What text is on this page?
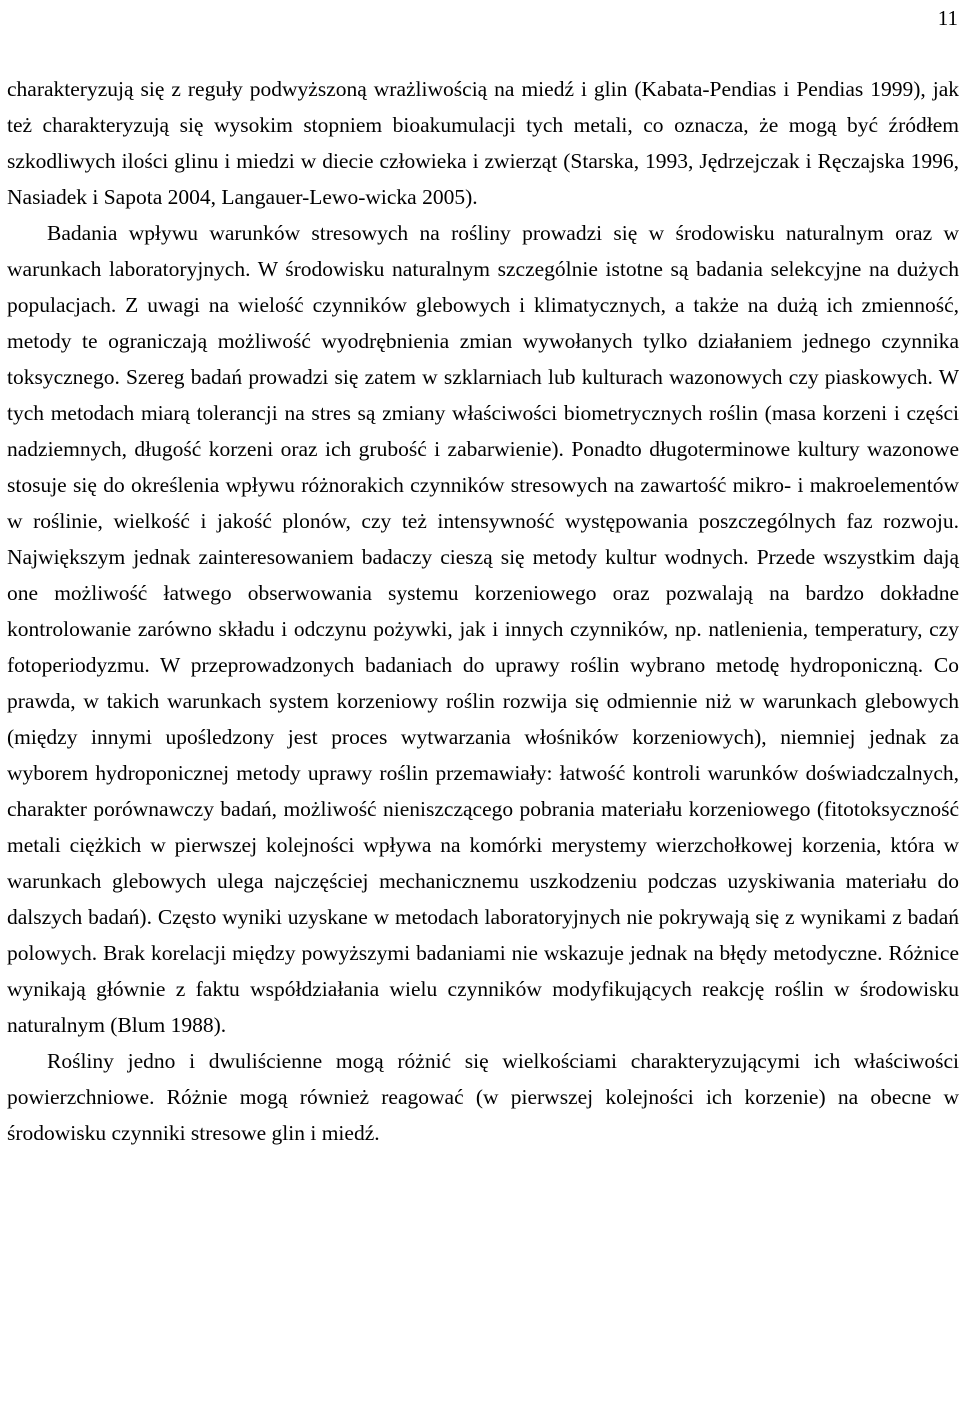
11

charakteryzują się z reguły podwyższoną wrażliwością na miedź i glin (Kabata-Pendias i Pendias 1999), jak też charakteryzują się wysokim stopniem bioakumulacji tych metali, co oznacza, że mogą być źródłem szkodliwych ilości glinu i miedzi w diecie człowieka i zwierząt (Starska, 1993, Jędrzejczak i Ręczajska 1996, Nasiadek i Sapota 2004, Langauer-Lewo-wicka 2005).

Badania wpływu warunków stresowych na rośliny prowadzi się w środowisku naturalnym oraz w warunkach laboratoryjnych. W środowisku naturalnym szczególnie istotne są badania selekcyjne na dużych populacjach. Z uwagi na wielość czynników glebowych i klimatycznych, a także na dużą ich zmienność, metody te ograniczają możliwość wyodrębnienia zmian wywołanych tylko działaniem jednego czynnika toksycznego. Szereg badań prowadzi się zatem w szklarniach lub kulturach wazonowych czy piaskowych. W tych metodach miarą tolerancji na stres są zmiany właściwości biometrycznych roślin (masa korzeni i części nadziemnych, długość korzeni oraz ich grubość i zabarwienie). Ponadto długoterminowe kultury wazonowe stosuje się do określenia wpływu różnorakich czynników stresowych na zawartość mikro- i makroelementów w roślinie, wielkość i jakość plonów, czy też intensywność występowania poszczególnych faz rozwoju. Największym jednak zainteresowaniem badaczy cieszą się metody kultur wodnych. Przede wszystkim dają one możliwość łatwego obserwowania systemu korzeniowego oraz pozwalają na bardzo dokładne kontrolowanie zarówno składu i odczynu pożywki, jak i innych czynników, np. natlenienia, temperatury, czy fotoperiodyzmu. W przeprowadzonych badaniach do uprawy roślin wybrano metodę hydroponiczną. Co prawda, w takich warunkach system korzeniowy roślin rozwija się odmiennie niż w warunkach glebowych (między innymi upośledzony jest proces wytwarzania włośników korzeniowych), niemniej jednak za wyborem hydroponicznej metody uprawy roślin przemawiały: łatwość kontroli warunków doświadczalnych, charakter porównawczy badań, możliwość nieniszczącego pobrania materiału korzeniowego (fitotoksyczność metali ciężkich w pierwszej kolejności wpływa na komórki merystemy wierzchołkowej korzenia, która w warunkach glebowych ulega najczęściej mechanicznemu uszkodzeniu podczas uzyskiwania materiału do dalszych badań). Często wyniki uzyskane w metodach laboratoryjnych nie pokrywają się z wynikami z badań polowych. Brak korelacji między powyższymi badaniami nie wskazuje jednak na błędy metodyczne. Różnice wynikają głównie z faktu współdziałania wielu czynników modyfikujących reakcję roślin w środowisku naturalnym (Blum 1988).

Rośliny jedno i dwuliścienne mogą różnić się wielkościami charakteryzującymi ich właściwości powierzchniowe. Różnie mogą również reagować (w pierwszej kolejności ich korzenie) na obecne w środowisku czynniki stresowe glin i miedź.
